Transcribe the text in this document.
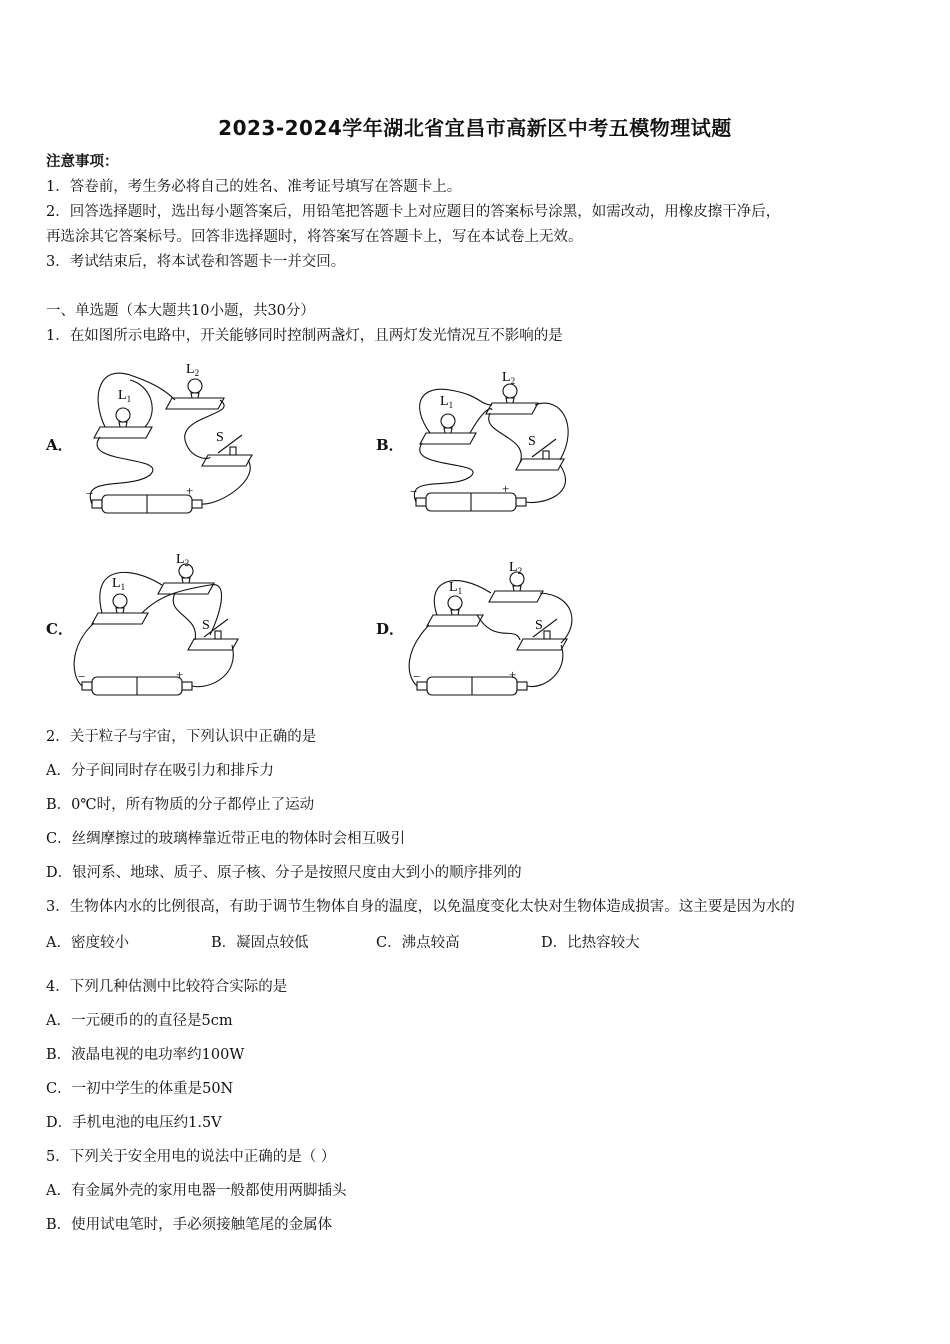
2023-2024学年湖北省宜昌市高新区中考五模物理试题
注意事项：
1．答卷前，考生务必将自己的姓名、准考证号填写在答题卡上。
2．回答选择题时，选出每小题答案后，用铅笔把答题卡上对应题目的答案标号涂黑，如需改动，用橡皮擦干净后，
再选涂其它答案标号。回答非选择题时，将答案写在答题卡上，写在本试卷上无效。
3．考试结束后，将本试卷和答题卡一并交回。
一、单选题（本大题共10小题，共30分）
1．在如图所示电路中，开关能够同时控制两盏灯，且两灯发光情况互不影响的是
A．	B．
C．	D．
$L_1$
$L_2$
S
−	+
$L_1$
$L_2$
S
−	+
$L_1$
$L_2$
S
−	+
$L_1$
$L_2$
S
−	+
2．关于粒子与宇宙，下列认识中正确的是
A．分子间同时存在吸引力和排斥力
B．0℃时，所有物质的分子都停止了运动
C．丝绸摩擦过的玻璃棒靠近带正电的物体时会相互吸引
D．银河系、地球、质子、原子核、分子是按照尺度由大到小的顺序排列的
3．生物体内水的比例很高，有助于调节生物体自身的温度，以免温度变化太快对生物体造成损害。这主要是因为水的
A．密度较小	B．凝固点较低	C．沸点较高	D．比热容较大
4．下列几种估测中比较符合实际的是
A．一元硬币的的直径是5cm
B．液晶电视的电功率约100W
C．一初中学生的体重是50N
D．手机电池的电压约1.5V
5．下列关于安全用电的说法中正确的是（ ）
A．有金属外壳的家用电器一般都使用两脚插头
B．使用试电笔时，手必须接触笔尾的金属体
